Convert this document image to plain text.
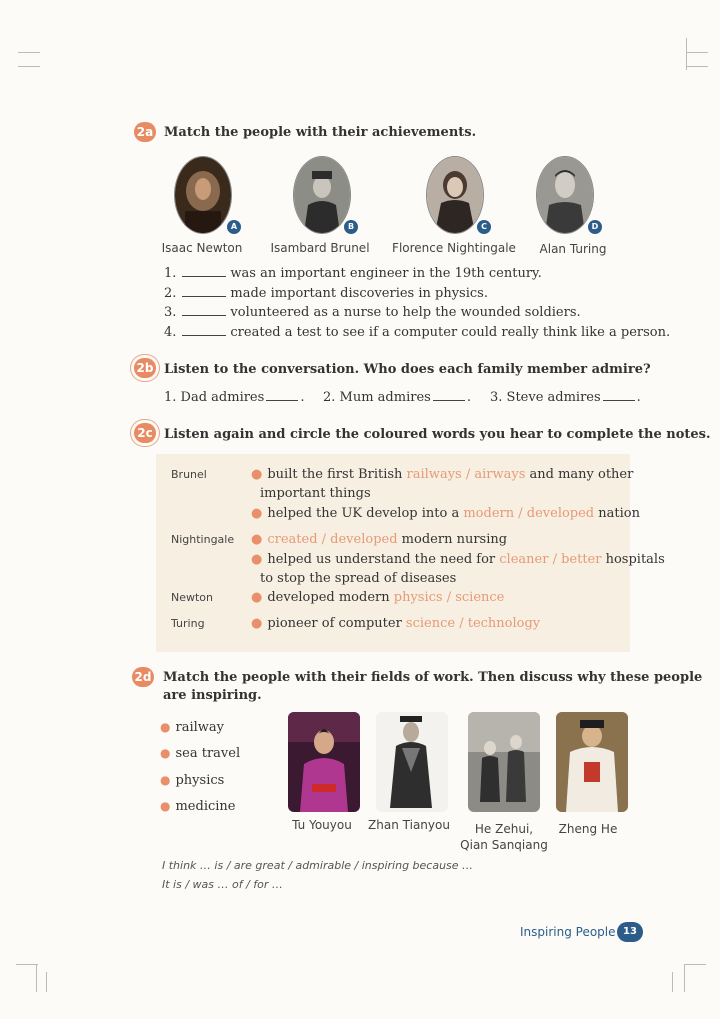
2a Match the people with their achievements.
A
Isaac Newton
B
Isambard Brunel
C
Florence Nightingale
D
Alan Turing
1.	was an important engineer in the 19th century.
2.	made important discoveries in physics.
3.	volunteered as a nurse to help the wounded soldiers.
4.	created a test to see if a computer could really think like a person.
2b Listen to the conversation. Who does each family member admire?
1. Dad admires	. 2. Mum admires	. 3. Steve admires	.
2c Listen again and circle the coloured words you hear to complete the notes.
Brunel	● built the first British railways / airways and many other
important things
● helped the UK develop into a modern / developed nation
Nightingale ● created / developed modern nursing
● helped us understand the need for cleaner / better hospitals
to stop the spread of diseases
Newton	● developed modern physics / science
Turing	● pioneer of computer science / technology
2d Match the people with their fields of work. Then discuss why these people
are inspiring.
● railway
● sea travel
● physics
● medicine
Tu Youyou	Zhan Tianyou	He Zehui,
Qian Sanqiang
Zheng He
I think … is / are great / admirable / inspiring because …
It is / was … of / for …
Inspiring People 13
